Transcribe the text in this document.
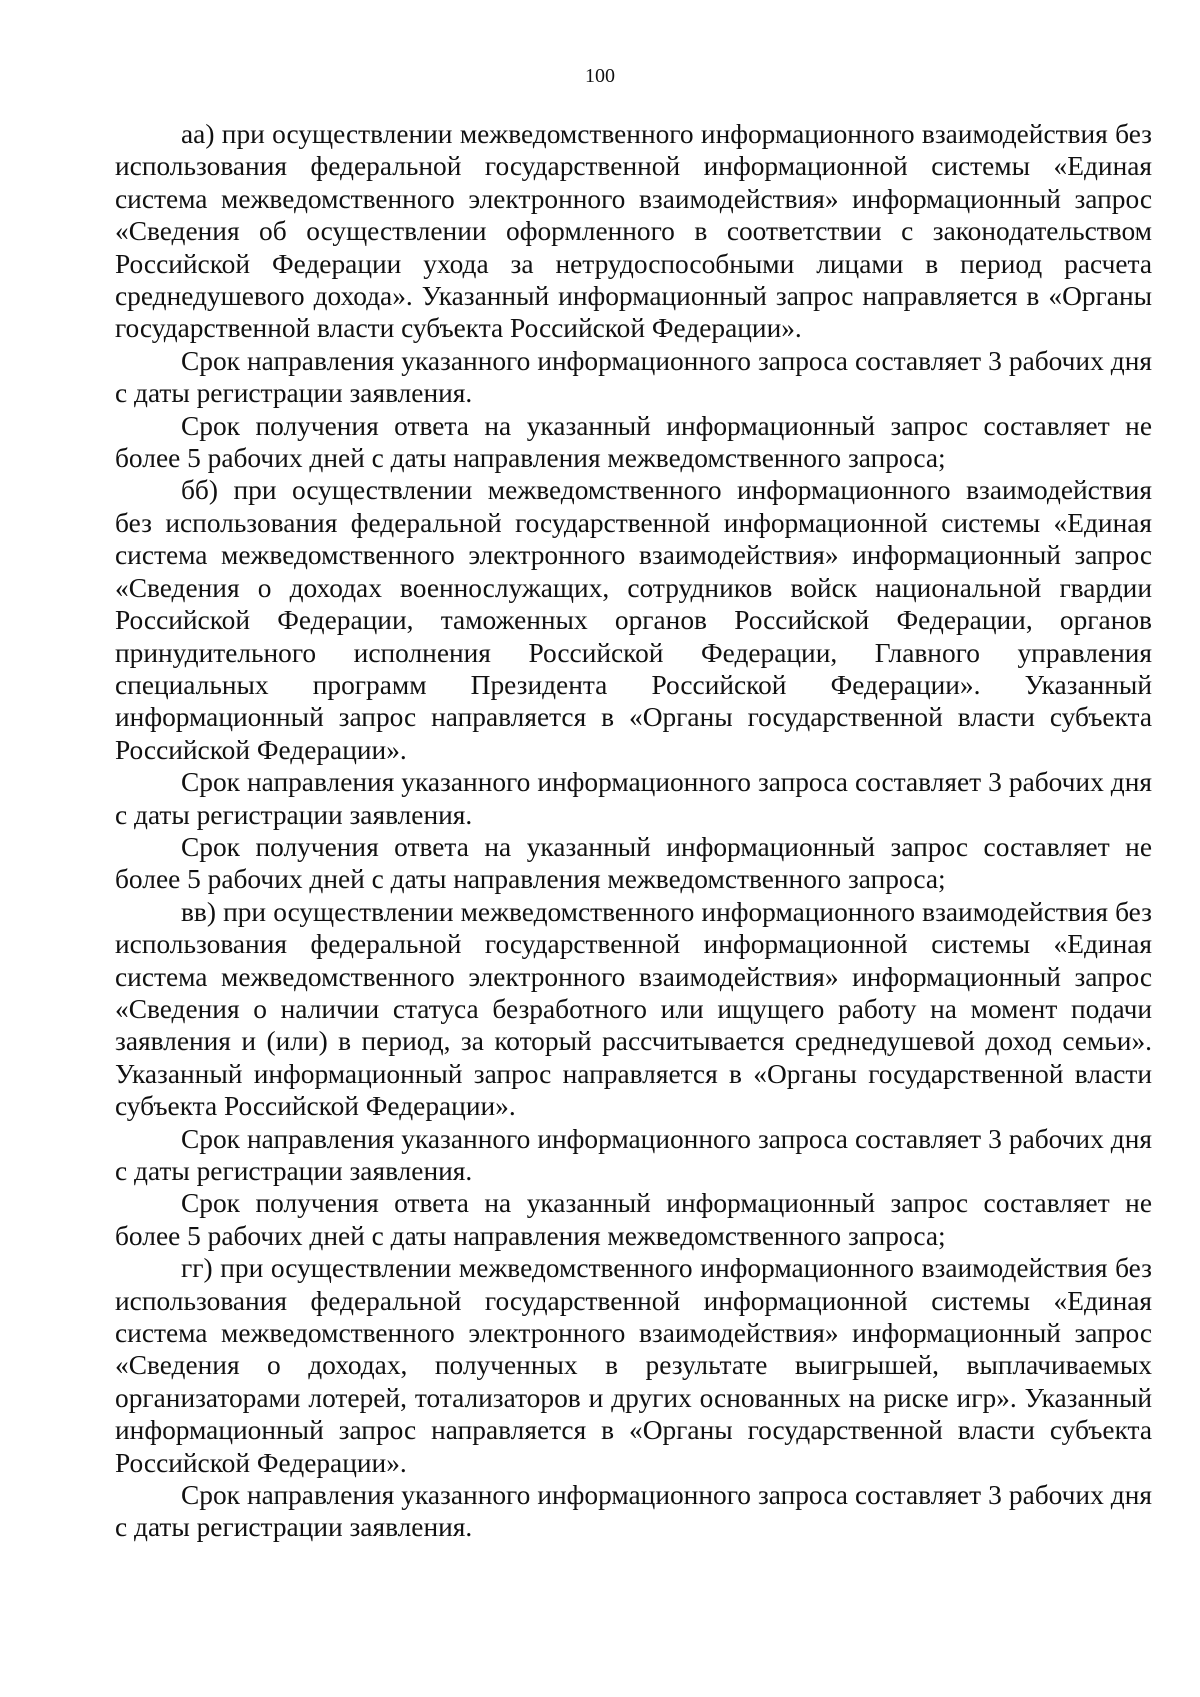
100

аа) при осуществлении межведомственного информационного взаимодействия без использования федеральной государственной информационной системы «Единая система межведомственного электронного взаимодействия» информационный запрос «Сведения об осуществлении оформленного в соответствии с законодательством Российской Федерации ухода за нетрудоспособными лицами в период расчета среднедушевого дохода». Указанный информационный запрос направляется в «Органы государственной власти субъекта Российской Федерации».

Срок направления указанного информационного запроса составляет 3 рабочих дня с даты регистрации заявления.

Срок получения ответа на указанный информационный запрос составляет не более 5 рабочих дней с даты направления межведомственного запроса;

бб) при осуществлении межведомственного информационного взаимодействия без использования федеральной государственной информационной системы «Единая система межведомственного электронного взаимодействия» информационный запрос «Сведения о доходах военнослужащих, сотрудников войск национальной гвардии Российской Федерации, таможенных органов Российской Федерации, органов принудительного исполнения Российской Федерации, Главного управления специальных программ Президента Российской Федерации». Указанный информационный запрос направляется в «Органы государственной власти субъекта Российской Федерации».

Срок направления указанного информационного запроса составляет 3 рабочих дня с даты регистрации заявления.

Срок получения ответа на указанный информационный запрос составляет не более 5 рабочих дней с даты направления межведомственного запроса;

вв) при осуществлении межведомственного информационного взаимодействия без использования федеральной государственной информационной системы «Единая система межведомственного электронного взаимодействия» информационный запрос «Сведения о наличии статуса безработного или ищущего работу на момент подачи заявления и (или) в период, за который рассчитывается среднедушевой доход семьи». Указанный информационный запрос направляется в «Органы государственной власти субъекта Российской Федерации».

Срок направления указанного информационного запроса составляет 3 рабочих дня с даты регистрации заявления.

Срок получения ответа на указанный информационный запрос составляет не более 5 рабочих дней с даты направления межведомственного запроса;

гг) при осуществлении межведомственного информационного взаимодействия без использования федеральной государственной информационной системы «Единая система межведомственного электронного взаимодействия» информационный запрос «Сведения о доходах, полученных в результате выигрышей, выплачиваемых организаторами лотерей, тотализаторов и других основанных на риске игр». Указанный информационный запрос направляется в «Органы государственной власти субъекта Российской Федерации».

Срок направления указанного информационного запроса составляет 3 рабочих дня с даты регистрации заявления.
